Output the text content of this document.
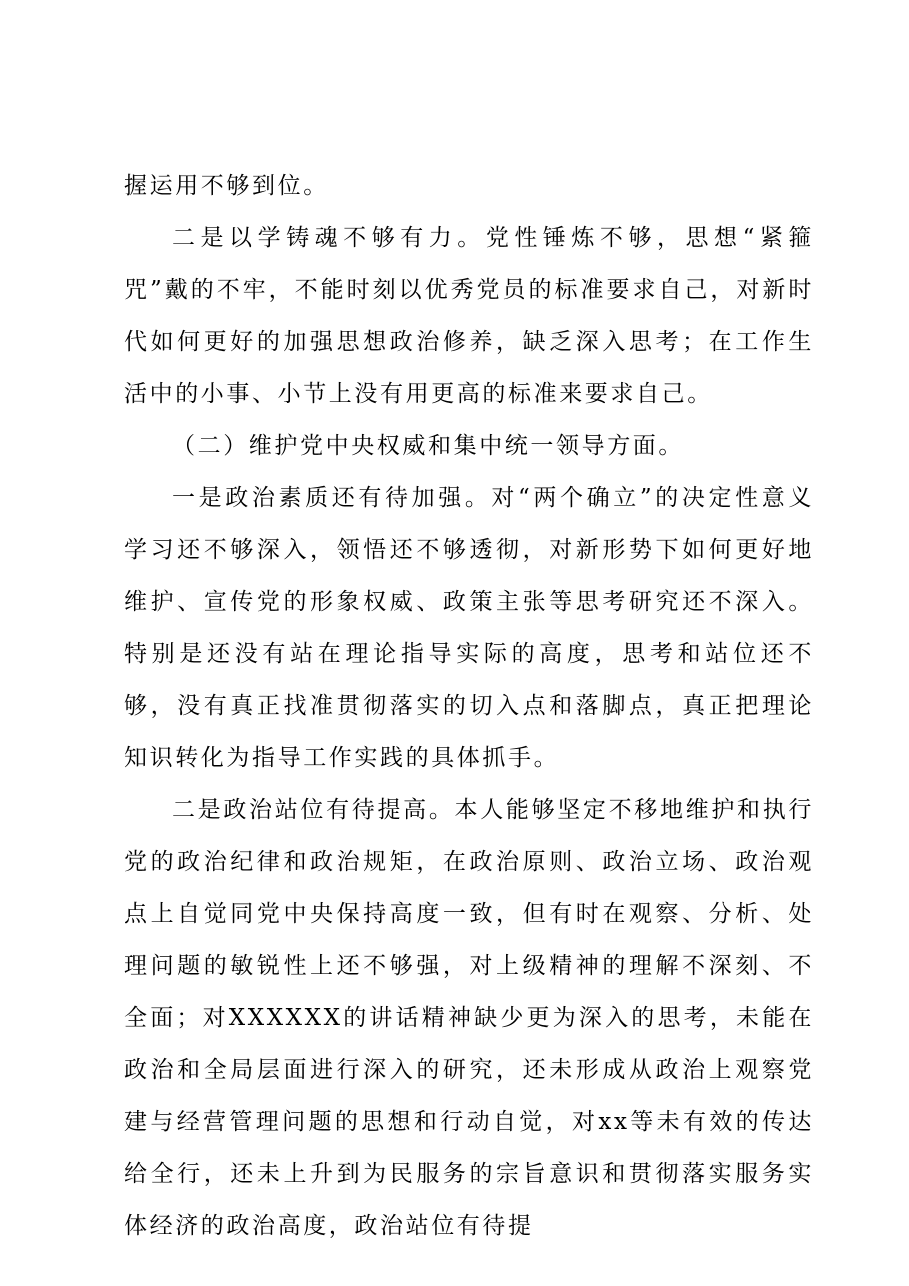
握运用不够到位。

二是以学铸魂不够有力。党性锤炼不够，思想“紧箍咒”戴的不牢，不能时刻以优秀党员的标准要求自己，对新时代如何更好的加强思想政治修养，缺乏深入思考；在工作生活中的小事、小节上没有用更高的标准来要求自己。

（二）维护党中央权威和集中统一领导方面。

一是政治素质还有待加强。对“两个确立”的决定性意义学习还不够深入，领悟还不够透彻，对新形势下如何更好地维护、宣传党的形象权威、政策主张等思考研究还不深入。特别是还没有站在理论指导实际的高度，思考和站位还不够，没有真正找准贯彻落实的切入点和落脚点，真正把理论知识转化为指导工作实践的具体抓手。

二是政治站位有待提高。本人能够坚定不移地维护和执行党的政治纪律和政治规矩，在政治原则、政治立场、政治观点上自觉同党中央保持高度一致，但有时在观察、分析、处理问题的敏锐性上还不够强，对上级精神的理解不深刻、不全面；对XXXXXX的讲话精神缺少更为深入的思考，未能在政治和全局层面进行深入的研究，还未形成从政治上观察党建与经营管理问题的思想和行动自觉，对xx等未有效的传达给全行，还未上升到为民服务的宗旨意识和贯彻落实服务实体经济的政治高度，政治站位有待提
